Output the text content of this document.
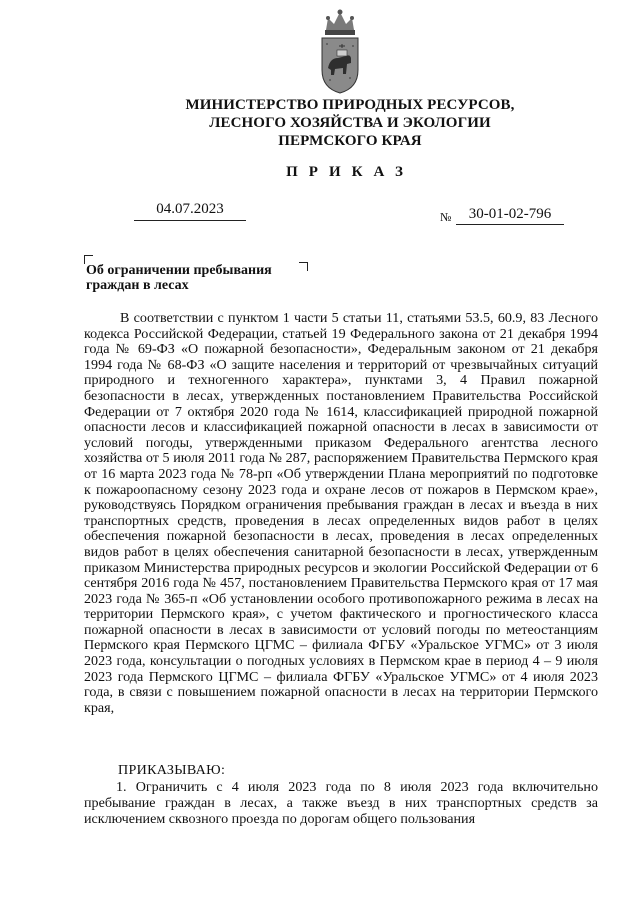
МИНИСТЕРСТВО ПРИРОДНЫХ РЕСУРСОВ,
ЛЕСНОГО ХОЗЯЙСТВА И ЭКОЛОГИИ
ПЕРМСКОГО КРАЯ
ПРИКАЗ
04.07.2023	№	30-01-02-796
Об ограничении пребывания
граждан в лесах

В соответствии с пунктом 1 части 5 статьи 11, статьями 53.5, 60.9, 83 Лесного кодекса Российской Федерации, статьей 19 Федерального закона от 21 декабря 1994 года № 69-ФЗ «О пожарной безопасности», Федеральным законом от 21 декабря 1994 года № 68-ФЗ «О защите населения и территорий от чрезвычайных ситуаций природного и техногенного характера», пунктами 3, 4 Правил пожарной безопасности в лесах, утвержденных постановлением Правительства Российской Федерации от 7 октября 2020 года № 1614, классификацией природной пожарной опасности лесов и классификацией пожарной опасности в лесах в зависимости от условий погоды, утвержденными приказом Федерального агентства лесного хозяйства от 5 июля 2011 года № 287, распоряжением Правительства Пермского края от 16 марта 2023 года № 78-рп «Об утверждении Плана мероприятий по подготовке к пожароопасному сезону 2023 года и охране лесов от пожаров в Пермском крае», руководствуясь Порядком ограничения пребывания граждан в лесах и въезда в них транспортных средств, проведения в лесах определенных видов работ в целях обеспечения пожарной безопасности в лесах, проведения в лесах определенных видов работ в целях обеспечения санитарной безопасности в лесах, утвержденным приказом Министерства природных ресурсов и экологии Российской Федерации от 6 сентября 2016 года № 457, постановлением Правительства Пермского края от 17 мая 2023 года № 365-п «Об установлении особого противопожарного режима в лесах на территории Пермского края», с учетом фактического и прогностического класса пожарной опасности в лесах в зависимости от условий погоды по метеостанциям Пермского края Пермского ЦГМС – филиала ФГБУ «Уральское УГМС» от 3 июля 2023 года, консультации о погодных условиях в Пермском крае в период 4 – 9 июля 2023 года Пермского ЦГМС – филиала ФГБУ «Уральское УГМС» от 4 июля 2023 года, в связи с повышением пожарной опасности в лесах на территории Пермского края,

ПРИКАЗЫВАЮ:

1. Ограничить с 4 июля 2023 года по 8 июля 2023 года включительно пребывание граждан в лесах, а также въезд в них транспортных средств за исключением сквозного проезда по дорогам общего пользования
